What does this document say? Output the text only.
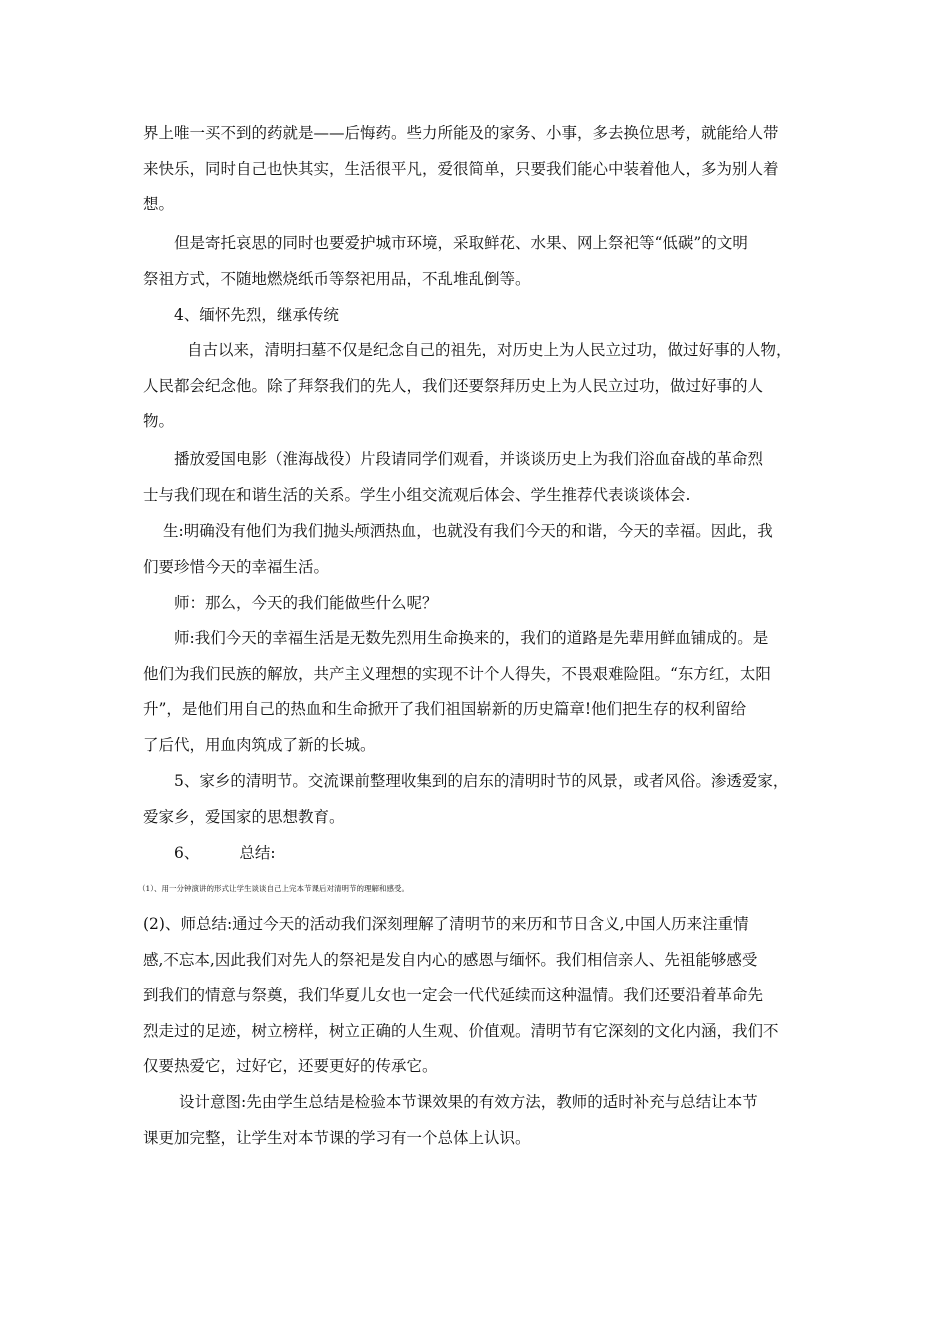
界上唯一买不到的药就是——后悔药。些力所能及的家务、小事，多去换位思考，就能给人带
来快乐，同时自己也快其实，生活很平凡，爱很简单，只要我们能心中装着他人，多为别人着
想。
但是寄托哀思的同时也要爱护城市环境，采取鲜花、水果、网上祭祀等“低碳”的文明
祭祖方式，不随地燃烧纸币等祭祀用品，不乱堆乱倒等。
4、缅怀先烈，继承传统
自古以来，清明扫墓不仅是纪念自己的祖先，对历史上为人民立过功，做过好事的人物，
人民都会纪念他。除了拜祭我们的先人，我们还要祭拜历史上为人民立过功，做过好事的人
物。
播放爱国电影（淮海战役）片段请同学们观看，并谈谈历史上为我们浴血奋战的革命烈
士与我们现在和谐生活的关系。学生小组交流观后体会、学生推荐代表谈谈体会.
生:明确没有他们为我们抛头颅洒热血，也就没有我们今天的和谐，今天的幸福。因此，我
们要珍惜今天的幸福生活。
师：那么，今天的我们能做些什么呢？
师:我们今天的幸福生活是无数先烈用生命换来的，我们的道路是先辈用鲜血铺成的。是
他们为我们民族的解放，共产主义理想的实现不计个人得失，不畏艰难险阻。“东方红，太阳
升”，是他们用自己的热血和生命掀开了我们祖国崭新的历史篇章!他们把生存的权利留给
了后代，用血肉筑成了新的长城。
5、家乡的清明节。交流课前整理收集到的启东的清明时节的风景，或者风俗。渗透爱家，
爱家乡，爱国家的思想教育。
6、	总结:
（1）、用一分钟演讲的形式让学生谈谈自己上完本节课后对清明节的理解和感受。
(2)、师总结:通过今天的活动我们深刻理解了清明节的来历和节日含义,中国人历来注重情
感,不忘本,因此我们对先人的祭祀是发自内心的感恩与缅怀。我们相信亲人、先祖能够感受
到我们的情意与祭奠，我们华夏儿女也一定会一代代延续而这种温情。我们还要沿着革命先
烈走过的足迹，树立榜样，树立正确的人生观、价值观。清明节有它深刻的文化内涵，我们不
仅要热爱它，过好它，还要更好的传承它。
设计意图:先由学生总结是检验本节课效果的有效方法，教师的适时补充与总结让本节
课更加完整，让学生对本节课的学习有一个总体上认识。
